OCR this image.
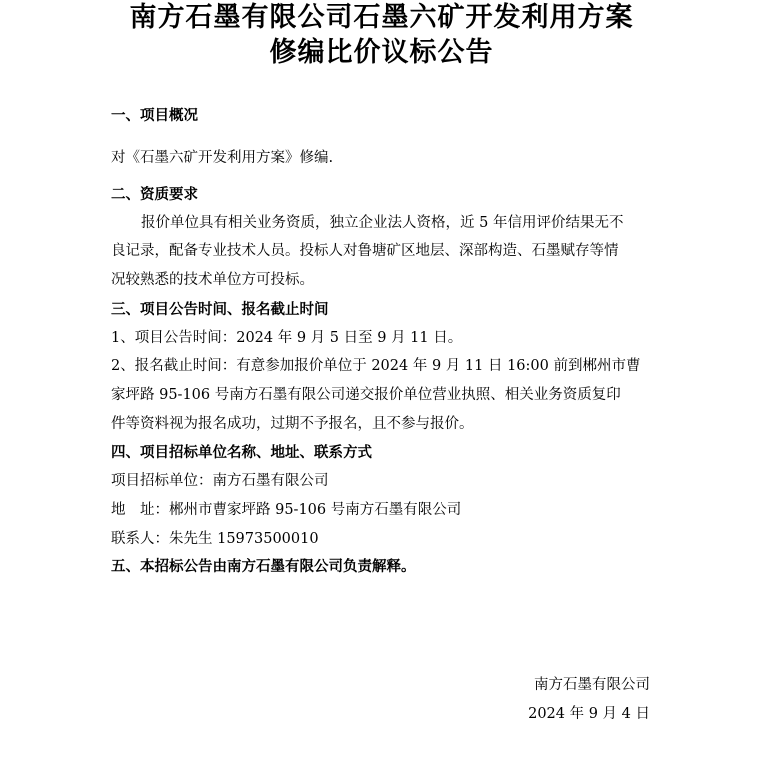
南方石墨有限公司石墨六矿开发利用方案
修编比价议标公告
一、项目概况
对《石墨六矿开发利用方案》修编.
二、资质要求
报价单位具有相关业务资质，独立企业法人资格，近 5 年信用评价结果无不
良记录，配备专业技术人员。投标人对鲁塘矿区地层、深部构造、石墨赋存等情
况较熟悉的技术单位方可投标。
三、项目公告时间、报名截止时间
1、项目公告时间：2024 年 9 月 5 日至 9 月 11 日。
2、报名截止时间：有意参加报价单位于 2024 年 9 月 11 日 16:00 前到郴州市曹
家坪路 95-106 号南方石墨有限公司递交报价单位营业执照、相关业务资质复印
件等资料视为报名成功，过期不予报名，且不参与报价。
四、项目招标单位名称、地址、联系方式
项目招标单位：南方石墨有限公司
地　址：郴州市曹家坪路 95-106 号南方石墨有限公司
联系人：朱先生 15973500010
五、本招标公告由南方石墨有限公司负责解释。
南方石墨有限公司
2024 年 9 月 4 日
